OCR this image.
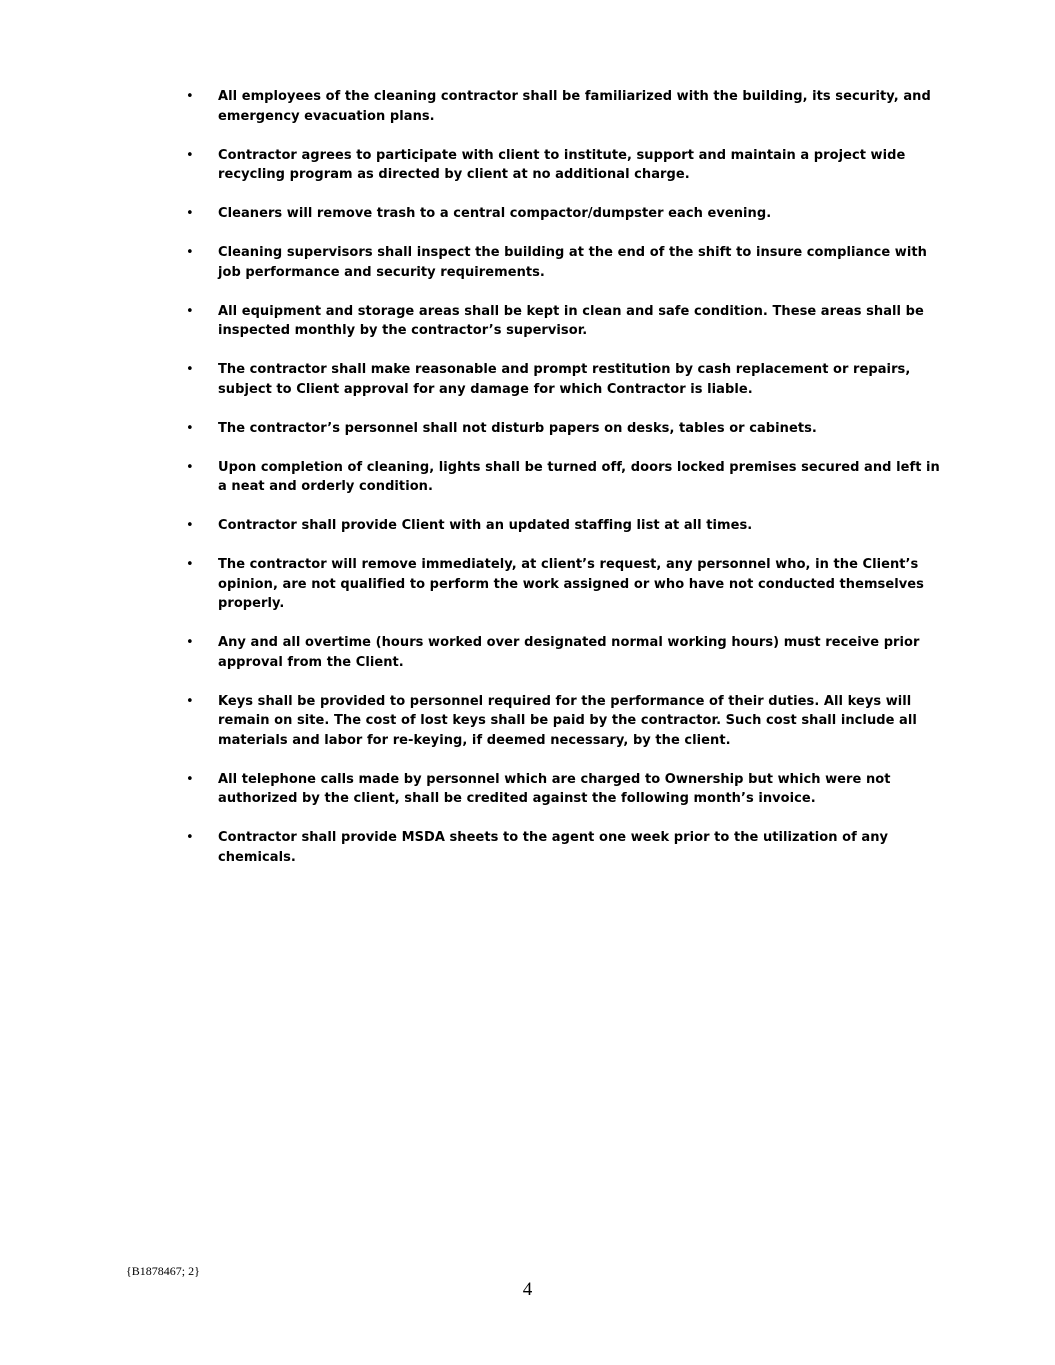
• All employees of the cleaning contractor shall be familiarized with the building, its security, and emergency evacuation plans.
• Contractor agrees to participate with client to institute, support and maintain a project wide recycling program as directed by client at no additional charge.
• Cleaners will remove trash to a central compactor/dumpster each evening.
• Cleaning supervisors shall inspect the building at the end of the shift to insure compliance with job performance and security requirements.
• All equipment and storage areas shall be kept in clean and safe condition. These areas shall be inspected monthly by the contractor’s supervisor.
• The contractor shall make reasonable and prompt restitution by cash replacement or repairs, subject to Client approval for any damage for which Contractor is liable.
• The contractor’s personnel shall not disturb papers on desks, tables or cabinets.
• Upon completion of cleaning, lights shall be turned off, doors locked premises secured and left in a neat and orderly condition.
• Contractor shall provide Client with an updated staffing list at all times.
• The contractor will remove immediately, at client’s request, any personnel who, in the Client’s opinion, are not qualified to perform the work assigned or who have not conducted themselves properly.
• Any and all overtime (hours worked over designated normal working hours) must receive prior approval from the Client.
• Keys shall be provided to personnel required for the performance of their duties. All keys will remain on site. The cost of lost keys shall be paid by the contractor. Such cost shall include all materials and labor for re-keying, if deemed necessary, by the client.
• All telephone calls made by personnel which are charged to Ownership but which were not authorized by the client, shall be credited against the following month’s invoice.
• Contractor shall provide MSDA sheets to the agent one week prior to the utilization of any chemicals.
{B1878467; 2}
4
